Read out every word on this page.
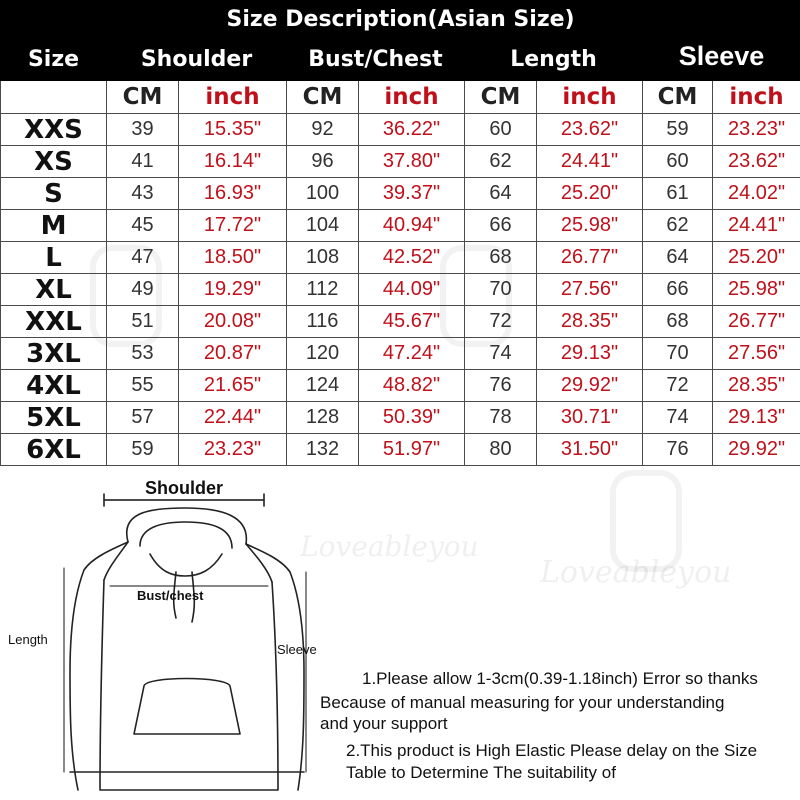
Loveableyou
Loveableyou
Size Description(Asian Size)								
Size	Shoulder		Bust/Chest		Length		Sleeve	
	CM	inch	CM	inch	CM	inch	CM	inch
XXS	39	15.35"	92	36.22"	60	23.62"	59	23.23"
XS	41	16.14"	96	37.80"	62	24.41"	60	23.62"
S	43	16.93"	100	39.37"	64	25.20"	61	24.02"
M	45	17.72"	104	40.94"	66	25.98"	62	24.41"
L	47	18.50"	108	42.52"	68	26.77"	64	25.20"
XL	49	19.29"	112	44.09"	70	27.56"	66	25.98"
XXL	51	20.08"	116	45.67"	72	28.35"	68	26.77"
3XL	53	20.87"	120	47.24"	74	29.13"	70	27.56"
4XL	55	21.65"	124	48.82"	76	29.92"	72	28.35"
5XL	57	22.44"	128	50.39"	78	30.71"	74	29.13"
6XL	59	23.23"	132	51.97"	80	31.50"	76	29.92"
Shoulder
Bust/chest
Length
Sleeve
1.Please allow 1-3cm(0.39-1.18inch) Error so thanks
Because of manual measuring for your understanding
and your support
2.This product is High Elastic Please delay on the Size
Table to Determine The suitability of
